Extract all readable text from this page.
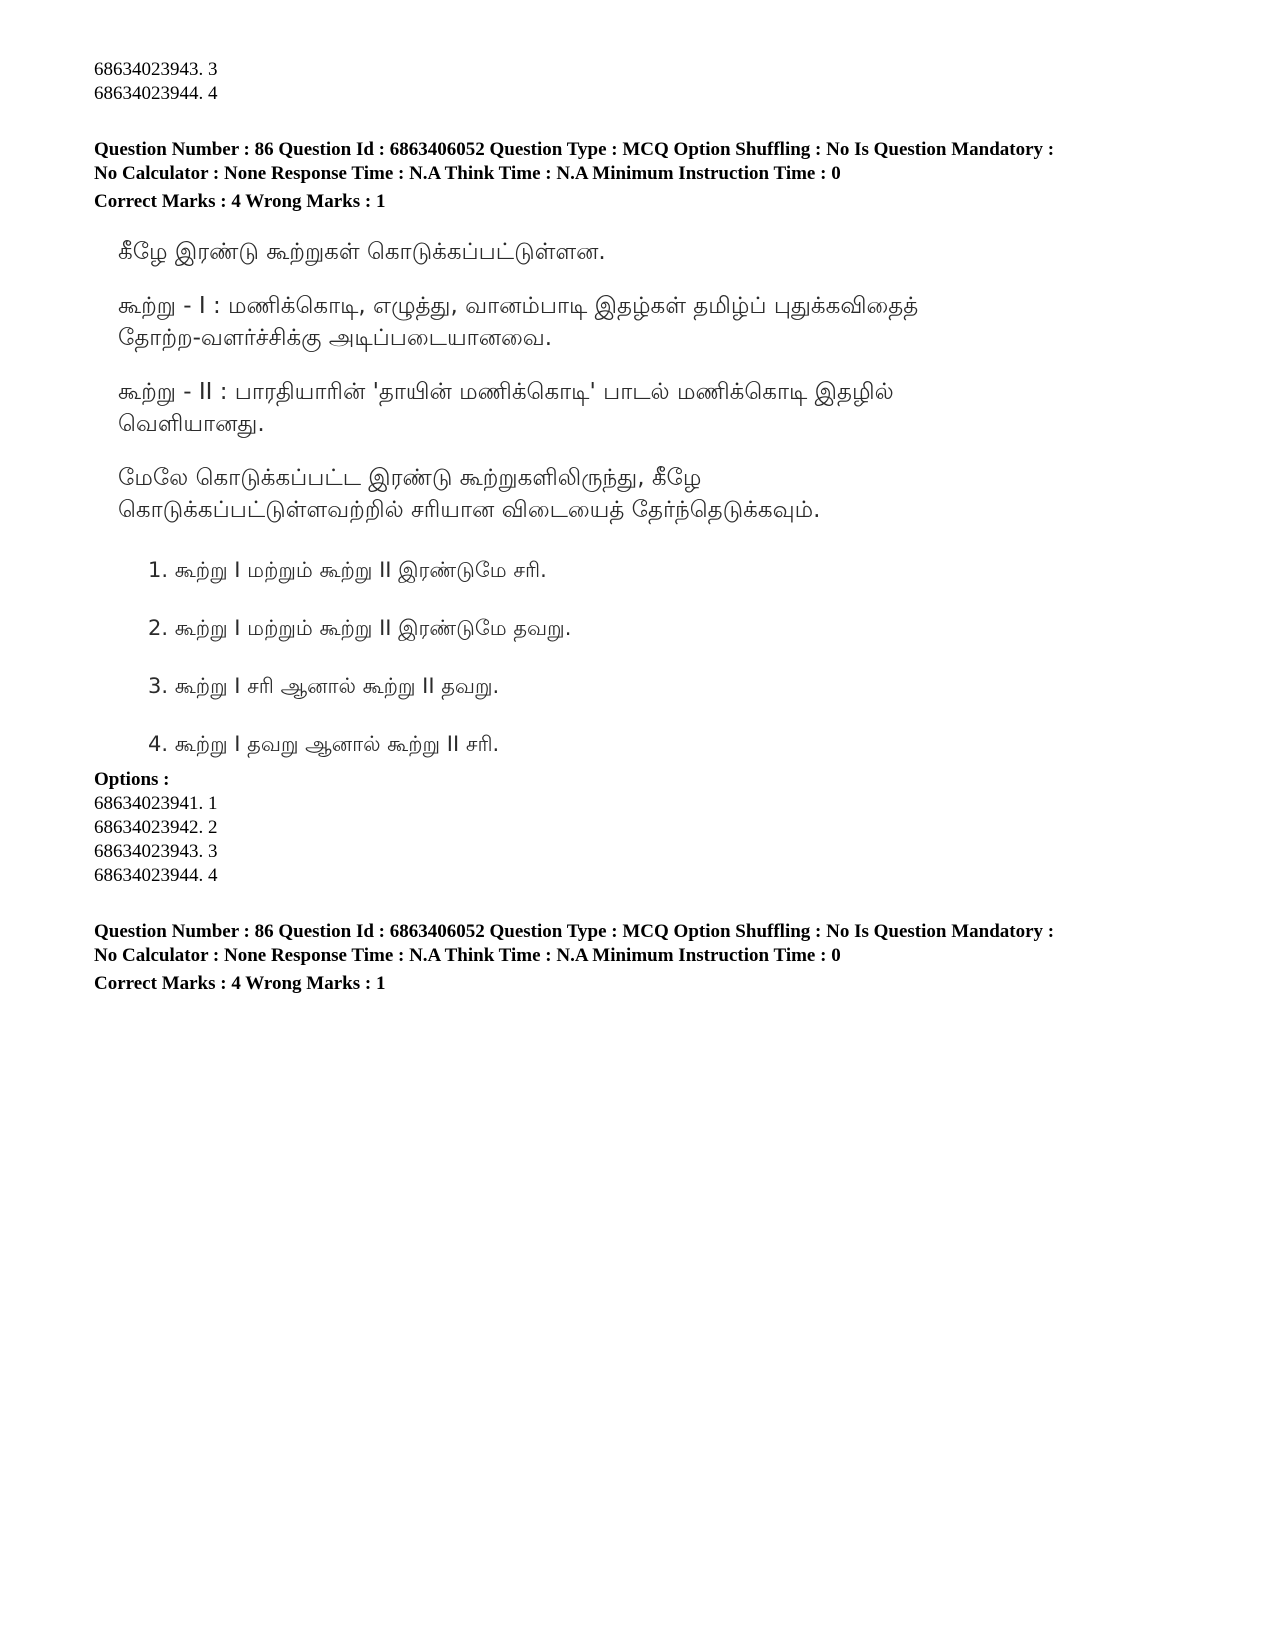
68634023943. 3
68634023944. 4
Question Number : 86 Question Id : 6863406052 Question Type : MCQ Option Shuffling : No Is Question Mandatory :
No Calculator : None Response Time : N.A Think Time : N.A Minimum Instruction Time : 0
Correct Marks : 4 Wrong Marks : 1

கீழே இரண்டு கூற்றுகள் கொடுக்கப்பட்டுள்ளன.

கூற்று - I : மணிக்கொடி, எழுத்து, வானம்பாடி இதழ்கள் தமிழ்ப் புதுக்கவிதைத்
தோற்ற-வளர்ச்சிக்கு அடிப்படையானவை.

கூற்று - II : பாரதியாரின் 'தாயின் மணிக்கொடி' பாடல் மணிக்கொடி இதழில்
வெளியானது.

மேலே கொடுக்கப்பட்ட இரண்டு கூற்றுகளிலிருந்து, கீழே
கொடுக்கப்பட்டுள்ளவற்றில் சரியான விடையைத் தேர்ந்தெடுக்கவும்.

1. கூற்று I மற்றும் கூற்று II இரண்டுமே சரி.

2. கூற்று I மற்றும் கூற்று II இரண்டுமே தவறு.

3. கூற்று I சரி ஆனால் கூற்று II தவறு.

4. கூற்று I தவறு ஆனால் கூற்று II சரி.

Options :
68634023941. 1
68634023942. 2
68634023943. 3
68634023944. 4
Question Number : 86 Question Id : 6863406052 Question Type : MCQ Option Shuffling : No Is Question Mandatory :
No Calculator : None Response Time : N.A Think Time : N.A Minimum Instruction Time : 0
Correct Marks : 4 Wrong Marks : 1
